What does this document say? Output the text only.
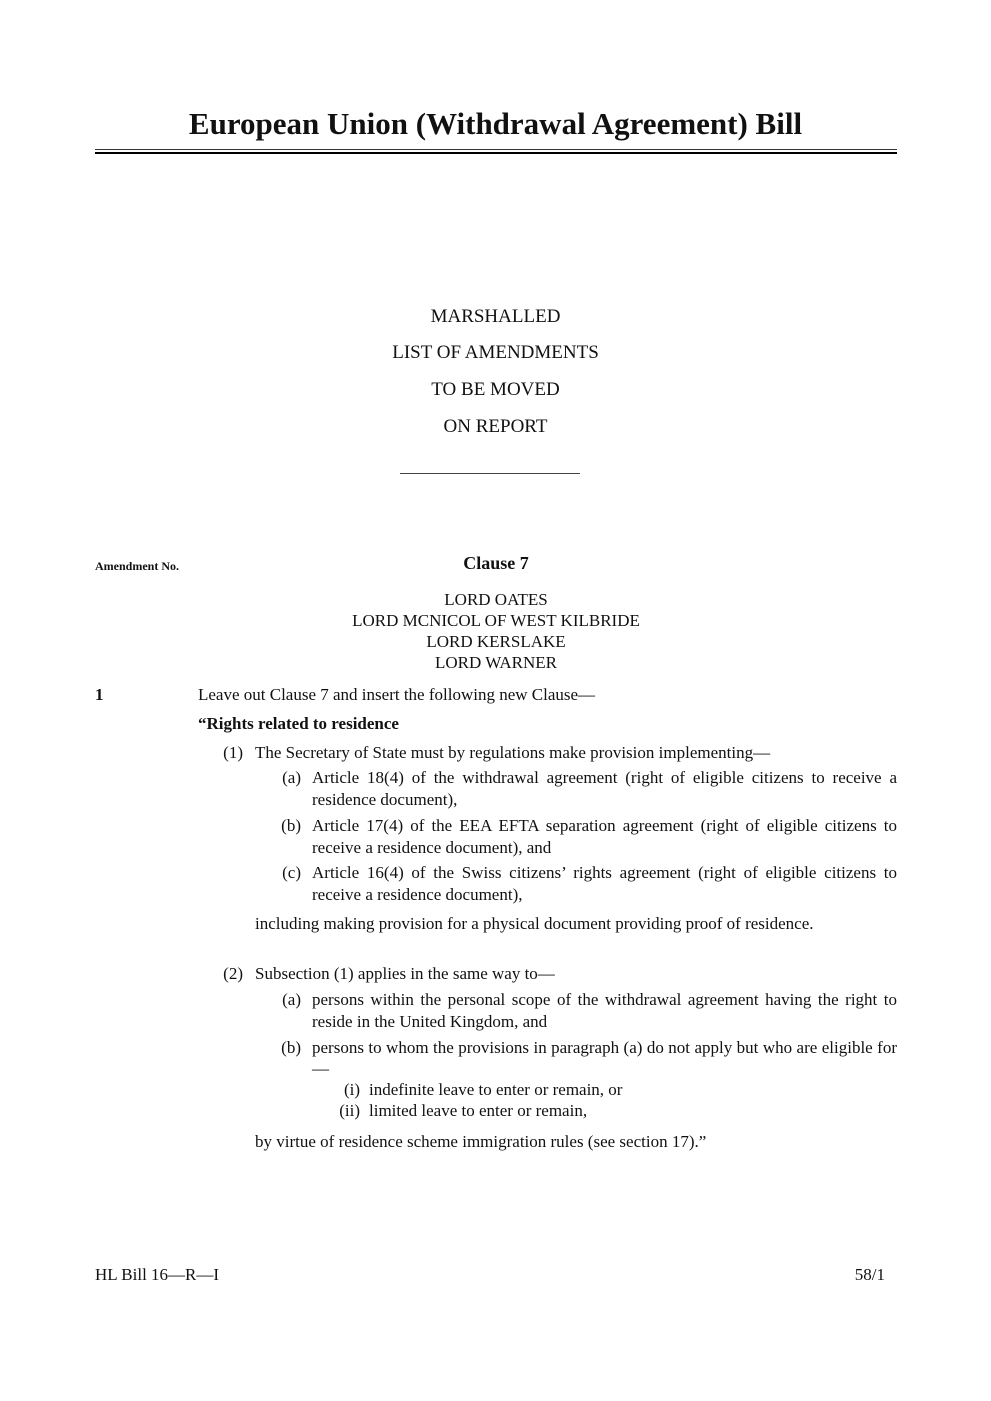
European Union (Withdrawal Agreement) Bill
MARSHALLED
LIST OF AMENDMENTS
TO BE MOVED
ON REPORT
Amendment No.	Clause 7
LORD OATES
LORD MCNICOL OF WEST KILBRIDE
LORD KERSLAKE
LORD WARNER
1	Leave out Clause 7 and insert the following new Clause—
“Rights related to residence
(1) The Secretary of State must by regulations make provision implementing—
(a) Article 18(4) of the withdrawal agreement (right of eligible citizens to receive a residence document),
(b) Article 17(4) of the EEA EFTA separation agreement (right of eligible citizens to receive a residence document), and
(c) Article 16(4) of the Swiss citizens’ rights agreement (right of eligible citizens to receive a residence document),
including making provision for a physical document providing proof of residence.
(2) Subsection (1) applies in the same way to—
(a) persons within the personal scope of the withdrawal agreement having the right to reside in the United Kingdom, and
(b) persons to whom the provisions in paragraph (a) do not apply but who are eligible for—
(i) indefinite leave to enter or remain, or
(ii) limited leave to enter or remain,
by virtue of residence scheme immigration rules (see section 17).”
HL Bill 16—R—I	58/1
